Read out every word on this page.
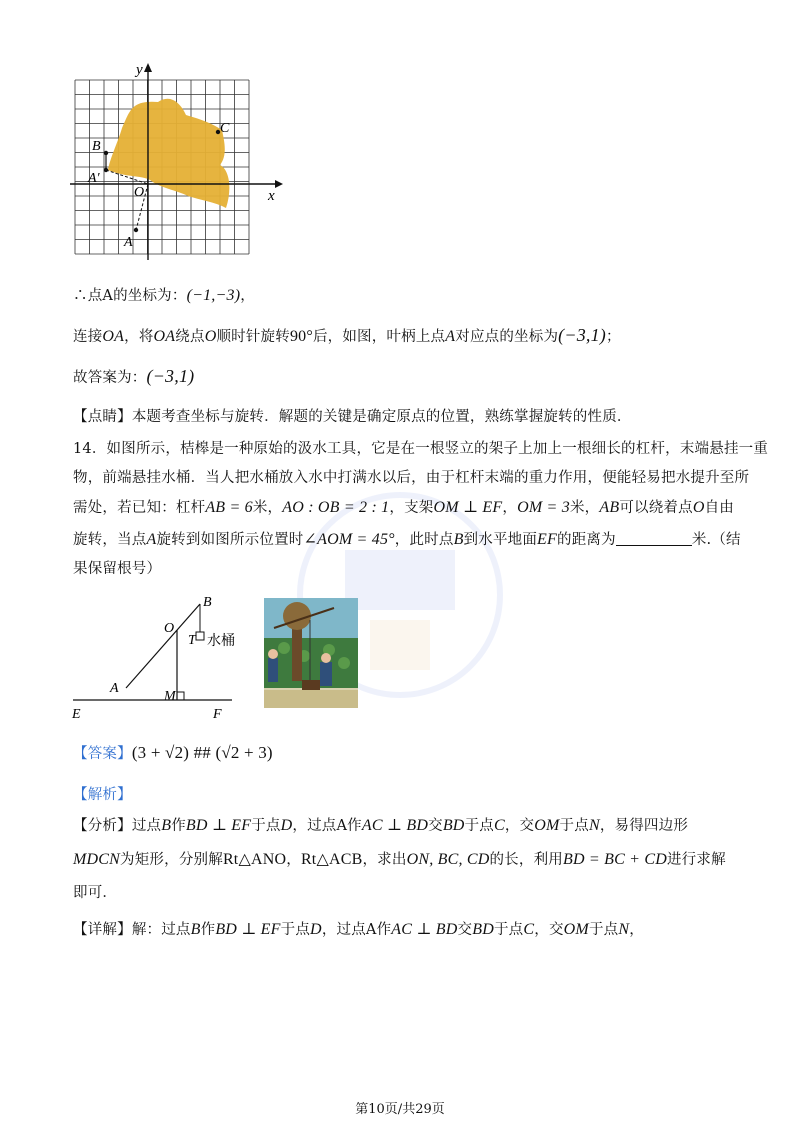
y
x
B
C
A′
O
A
∴点A的坐标为：(−1,−3)，
连接OA，将OA绕点O顺时针旋转90°后，如图，叶柄上点A对应点的坐标为(−3,1)；
故答案为：(−3,1)
【点睛】本题考查坐标与旋转．解题的关键是确定原点的位置，熟练掌握旋转的性质．
14．如图所示，桔槔是一种原始的汲水工具，它是在一根竖立的架子上加上一根细长的杠杆，末端悬挂一重
物，前端悬挂水桶．当人把水桶放入水中打满水以后，由于杠杆末端的重力作用，便能轻易把水提升至所
需处，若已知：杠杆AB = 6米，AO : OB = 2 : 1，支架OM ⊥ EF，OM = 3米，AB可以绕着点O自由
旋转，当点A旋转到如图所示位置时∠AOM = 45°，此时点B到水平地面EF的距离为	米.（结
果保留根号）
B
O
T 水桶
A
M
E	F
【答案】(3 + √2) ## (√2 + 3)
【解析】
【分析】过点B作BD ⊥ EF于点D，过点A作AC ⊥ BD交BD于点C，交OM于点N，易得四边形
MDCN为矩形，分别解Rt△ANO，Rt△ACB，求出ON, BC, CD的长，利用BD = BC + CD进行求解
即可．
【详解】解：过点B作BD ⊥ EF于点D，过点A作AC ⊥ BD交BD于点C，交OM于点N，
第10页/共29页
